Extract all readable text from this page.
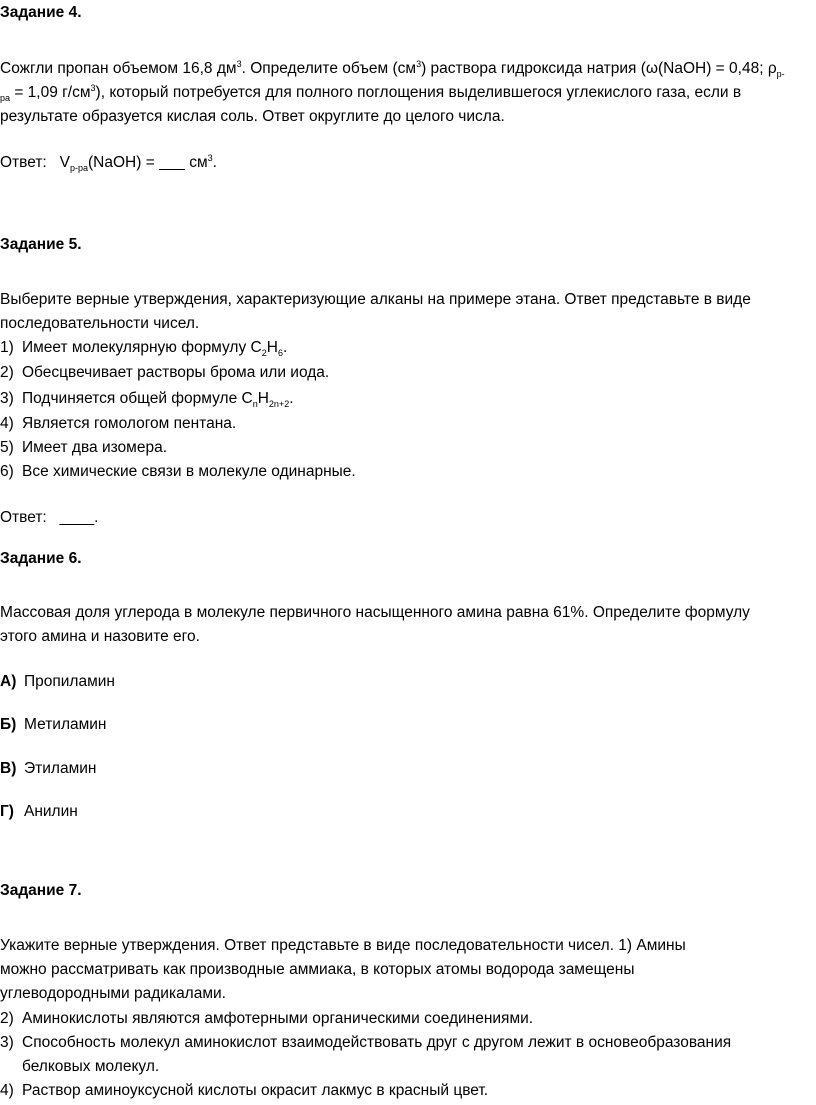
Задание 4.
Сожгли пропан объемом 16,8 $дм^3$. Определите объем $(см^3)$ раствора гидроксида натрия (ω(NaOH) = 0,48; $\rho_{р-}$
$_{ра}$ = 1,09 $г/см^3$), который потребуется для полного поглощения выделившегося углекислого газа, если в
результате образуется кислая соль. Ответ округлите до целого числа.
Ответ:   $V_{р-ра}(NaOH)$ = ___ $см^3$.
Задание 5.
Выберите верные утверждения, характеризующие алканы на примере этана. Ответ представьте в виде
последовательности чисел.
1) Имеет молекулярную формулу $C_2H_6$.
2) Обесцвечивает растворы брома или иода.
3) Подчиняется общей формуле $C_nH_{2n+2}$.
4) Является гомологом пентана.
5) Имеет два изомера.
6) Все химические связи в молекуле одинарные.
Ответ:   ____.
Задание 6.
Массовая доля углерода в молекуле первичного насыщенного амина равна 61%. Определите формулу
этого амина и назовите его.
А) Пропиламин
Б) Метиламин
В) Этиламин
Г) Анилин
Задание 7.
Укажите верные утверждения. Ответ представьте в виде последовательности чисел. 1) Амины
можно рассматривать как производные аммиака, в которых атомы водорода замещены
углеводородными радикалами.
2) Аминокислоты являются амфотерными органическими соединениями.
3) Способность молекул аминокислот взаимодействовать друг с другом лежит в основеобразования
белковых молекул.
4) Раствор аминоуксусной кислоты окрасит лакмус в красный цвет.
